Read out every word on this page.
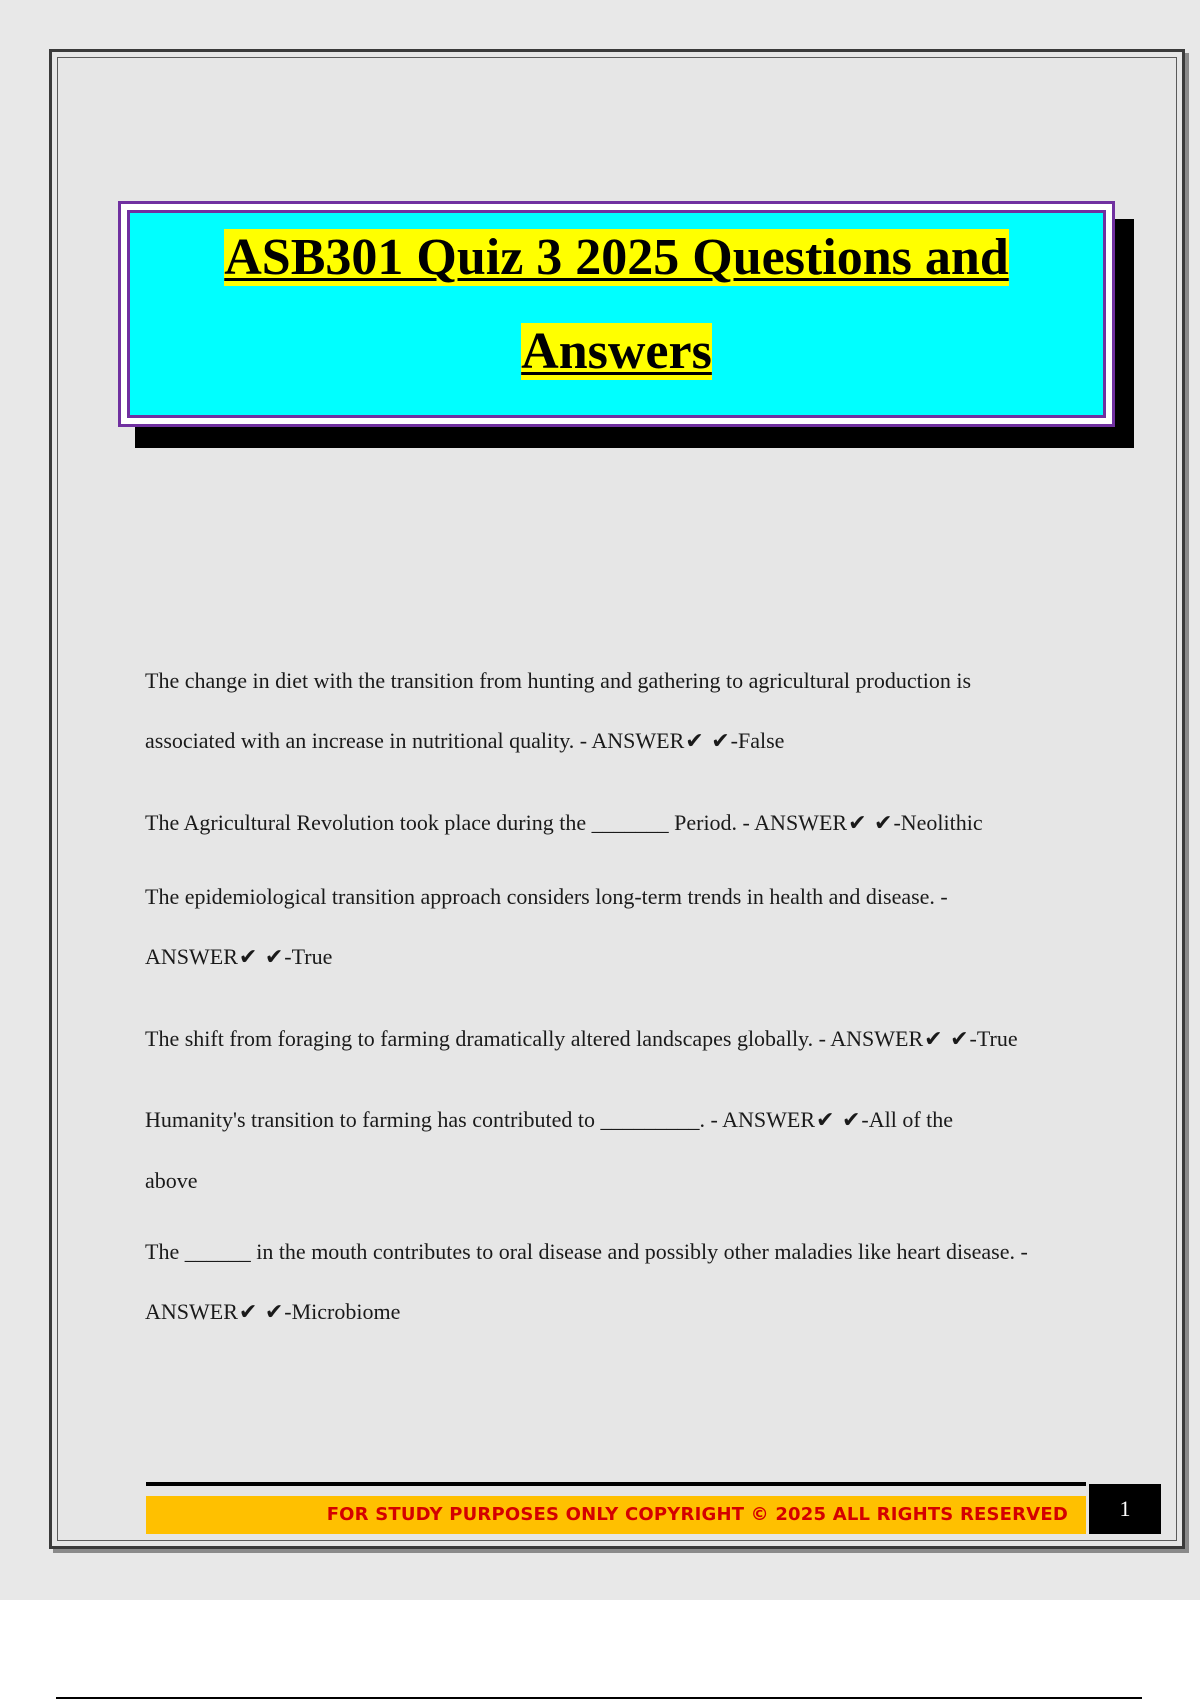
ASB301 Quiz 3 2025 Questions and
Answers
The change in diet with the transition from hunting and gathering to agricultural production is
associated with an increase in nutritional quality. - ANSWER✔ ✔-False
The Agricultural Revolution took place during the _______ Period. - ANSWER✔ ✔-Neolithic
The epidemiological transition approach considers long-term trends in health and disease. -
ANSWER✔ ✔-True
The shift from foraging to farming dramatically altered landscapes globally. - ANSWER✔ ✔-True
Humanity's transition to farming has contributed to _________. - ANSWER✔ ✔-All of the
above
The ______ in the mouth contributes to oral disease and possibly other maladies like heart disease. -
ANSWER✔ ✔-Microbiome
FOR STUDY PURPOSES ONLY COPYRIGHT © 2025 ALL RIGHTS RESERVED	1
